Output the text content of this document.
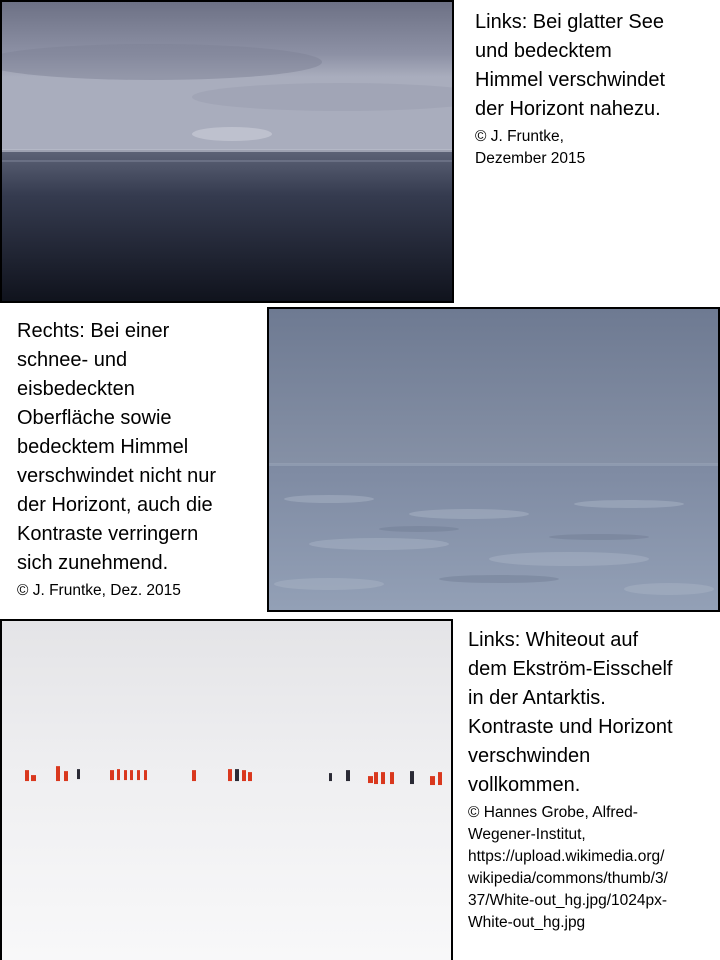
Links: Bei glatter See
und bedecktem
Himmel verschwindet
der Horizont nahezu.
© J. Fruntke,
Dezember 2015
Rechts: Bei einer
schnee- und
eisbedeckten
Oberfläche sowie
bedecktem Himmel
verschwindet nicht nur
der Horizont, auch die
Kontraste verringern
sich zunehmend.
© J. Fruntke, Dez. 2015
Links: Whiteout auf
dem Ekström-Eisschelf
in der Antarktis.
Kontraste und Horizont
verschwinden
vollkommen.
© Hannes Grobe, Alfred-
Wegener-Institut,
https://upload.wikimedia.org/
wikipedia/commons/thumb/3/
37/White-out_hg.jpg/1024px-
White-out_hg.jpg
